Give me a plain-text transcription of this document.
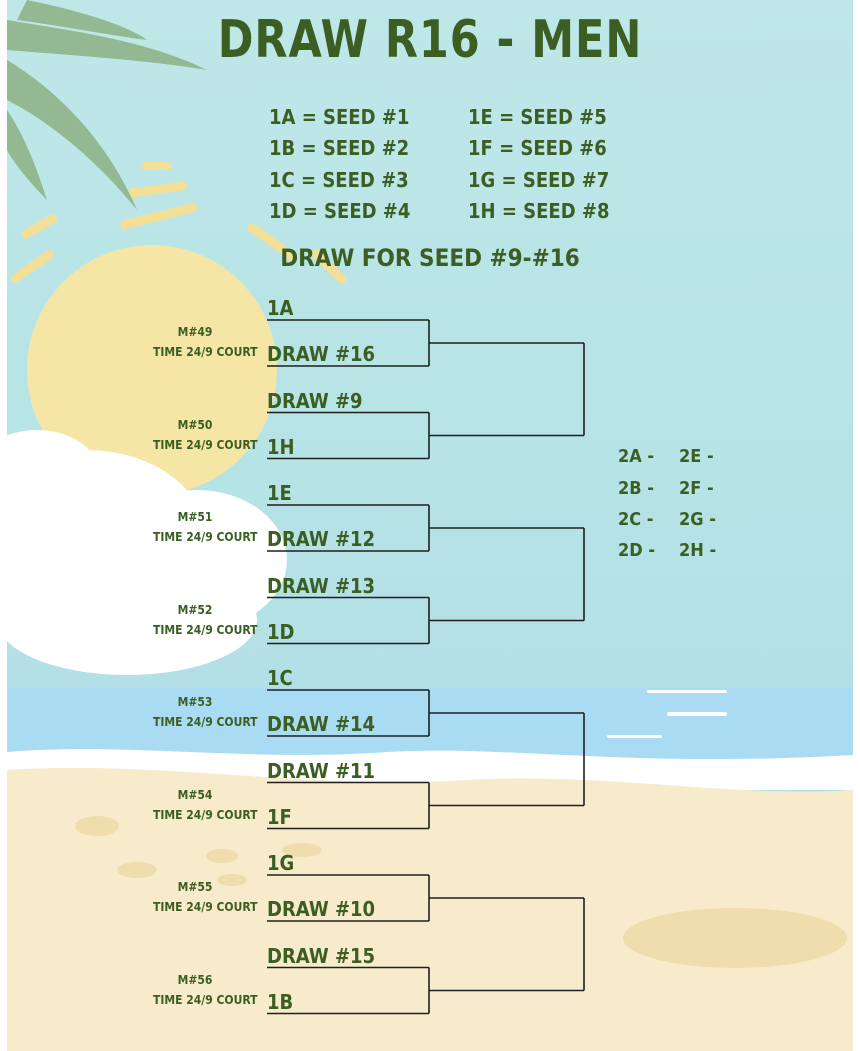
DRAW R16 - MEN
1A = SEED #1
1B = SEED #2
1C = SEED #3
1D = SEED #4
1E = SEED #5
1F = SEED #6
1G = SEED #7
1H = SEED #8
DRAW FOR SEED #9-#16
1A
DRAW #16
M#49
TIME 24/9 COURT
DRAW #9
1H
M#50
TIME 24/9 COURT
1E
DRAW #12
M#51
TIME 24/9 COURT
DRAW #13
1D
M#52
TIME 24/9 COURT
1C
DRAW #14
M#53
TIME 24/9 COURT
DRAW #11
1F
M#54
TIME 24/9 COURT
1G
DRAW #10
M#55
TIME 24/9 COURT
DRAW #15
1B
M#56
TIME 24/9 COURT
2A -
2B -
2C -
2D -
2E -
2F -
2G -
2H -
